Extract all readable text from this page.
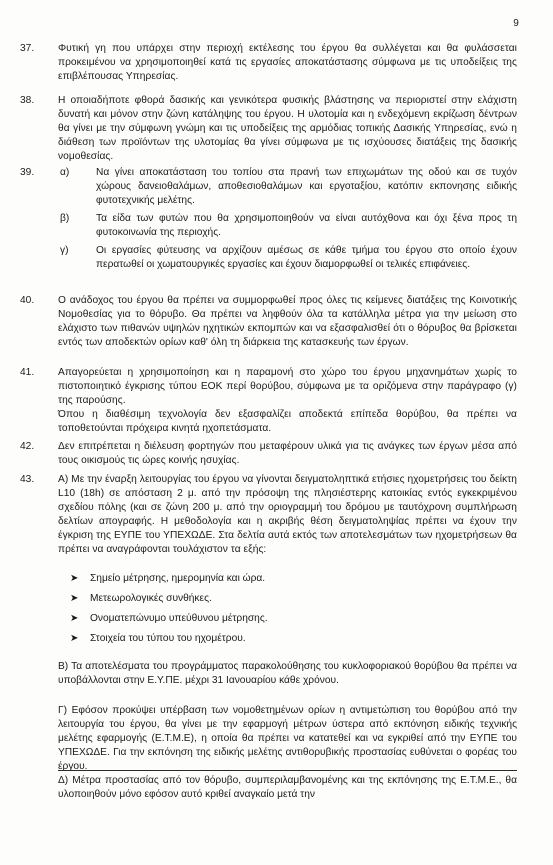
9
37. Φυτική γη που υπάρχει στην περιοχή εκτέλεσης του έργου θα συλλέγεται και θα φυλάσσεται προκειμένου να χρησιμοποιηθεί κατά τις εργασίες αποκατάστασης σύμφωνα με τις υποδείξεις της επιβλέπουσας Υπηρεσίας.
38. Η οποιαδήποτε φθορά δασικής και γενικότερα φυσικής βλάστησης να περιοριστεί στην ελάχιστη δυνατή και μόνον στην ζώνη κατάληψης του έργου. Η υλοτομία και η ενδεχόμενη εκρίζωση δέντρων θα γίνει με την σύμφωνη γνώμη και τις υποδείξεις της αρμόδιας τοπικής Δασικής Υπηρεσίας, ενώ η διάθεση των προϊόντων της υλοτομίας θα γίνει σύμφωνα με τις ισχύουσες διατάξεις της δασικής νομοθεσίας.
39.	α)	Να γίνει αποκατάσταση του τοπίου στα πρανή των επιχωμάτων της οδού και σε τυχόν χώρους δανειοθαλάμων, αποθεσιοθαλάμων και εργοταξίου, κατόπιν εκπονησης ειδικής φυτοτεχνικής μελέτης.
β)	Τα είδα των φυτών που θα χρησιμοποιηθούν να είναι αυτόχθονα και όχι ξένα προς τη φυτοκοινωνία της περιοχής.
γ)	Οι εργασίες φύτευσης να αρχίζουν αμέσως σε κάθε τμήμα του έργου στο οποίο έχουν περατωθεί οι χωματουργικές εργασίες και έχουν διαμορφωθεί οι τελικές επιφάνειες.
40. Ο ανάδοχος του έργου θα πρέπει να συμμορφωθεί προς όλες τις κείμενες διατάξεις της Κοινοτικής Νομοθεσίας για το θόρυβο. Θα πρέπει να ληφθούν όλα τα κατάλληλα μέτρα για την μείωση στο ελάχιστο των πιθανών υψηλών ηχητικών εκπομπών και να εξασφαλισθεί ότι ο θόρυβος θα βρίσκεται εντός των αποδεκτών ορίων καθ' όλη τη διάρκεια της κατασκευής των έργων.
41. Απαγορεύεται η χρησιμοποίηση και η παραμονή στο χώρο του έργου μηχανημάτων χωρίς το πιστοποιητικό έγκρισης τύπου ΕΟΚ περί θορύβου, σύμφωνα με τα οριζόμενα στην παράγραφο (γ) της παρούσης.
Όπου η διαθέσιμη τεχνολογία δεν εξασφαλίζει αποδεκτά επίπεδα θορύβου, θα πρέπει να τοποθετούνται πρόχειρα κινητά ηχοπετάσματα.
42. Δεν επιτρέπεται η διέλευση φορτηγών που μεταφέρουν υλικά για τις ανάγκες των έργων μέσα από τους οικισμούς τις ώρες κοινής ησυχίας.
43. Α) Με την έναρξη λειτουργίας του έργου να γίνονται δειγματοληπτικά ετήσιες ηχομετρήσεις του δείκτη L10 (18h) σε απόσταση 2 μ. από την πρόσοψη της πλησιέστερης κατοικίας εντός εγκεκριμένου σχεδίου πόλης (και σε ζώνη 200 μ. από την οριογραμμή του δρόμου με ταυτόχρονη συμπλήρωση δελτίων απογραφής. Η μεθοδολογία και η ακριβής θέση δειγματοληψίας πρέπει να έχουν την έγκριση της ΕΥΠΕ του ΥΠΕΧΩΔΕ. Στα δελτία αυτά εκτός των αποτελεσμάτων των ηχομετρήσεων θα πρέπει να αναγράφονται τουλάχιστον τα εξής:
➤ Σημείο μέτρησης, ημερομηνία και ώρα.
➤ Μετεωρολογικές συνθήκες.
➤ Ονοματεπώνυμο υπεύθυνου μέτρησης.
➤ Στοιχεία του τύπου του ηχομέτρου.
Β) Τα αποτελέσματα του προγράμματος παρακολούθησης του κυκλοφοριακού θορύβου θα πρέπει να υποβάλλονται στην Ε.Υ.ΠΕ. μέχρι 31 Ιανουαρίου κάθε χρόνου.
Γ) Εφόσον προκύψει υπέρβαση των νομοθετημένων ορίων η αντιμετώπιση του θορύβου από την λειτουργία του έργου, θα γίνει με την εφαρμογή μέτρων ύστερα από εκπόνηση ειδικής τεχνικής μελέτης εφαρμογής (Ε.Τ.Μ.Ε), η οποία θα πρέπει να κατατεθεί και να εγκριθεί από την ΕΥΠΕ του ΥΠΕΧΩΔΕ. Για την εκπόνηση της ειδικής μελέτης αντιθορυβικής προστασίας ευθύνεται ο φορέας του έργου.
Δ) Μέτρα προστασίας από τον θόρυβο, συμπεριλαμβανομένης και της εκπόνησης της Ε.Τ.Μ.Ε., θα υλοποιηθούν μόνο εφόσον αυτό κριθεί αναγκαίο μετά την
